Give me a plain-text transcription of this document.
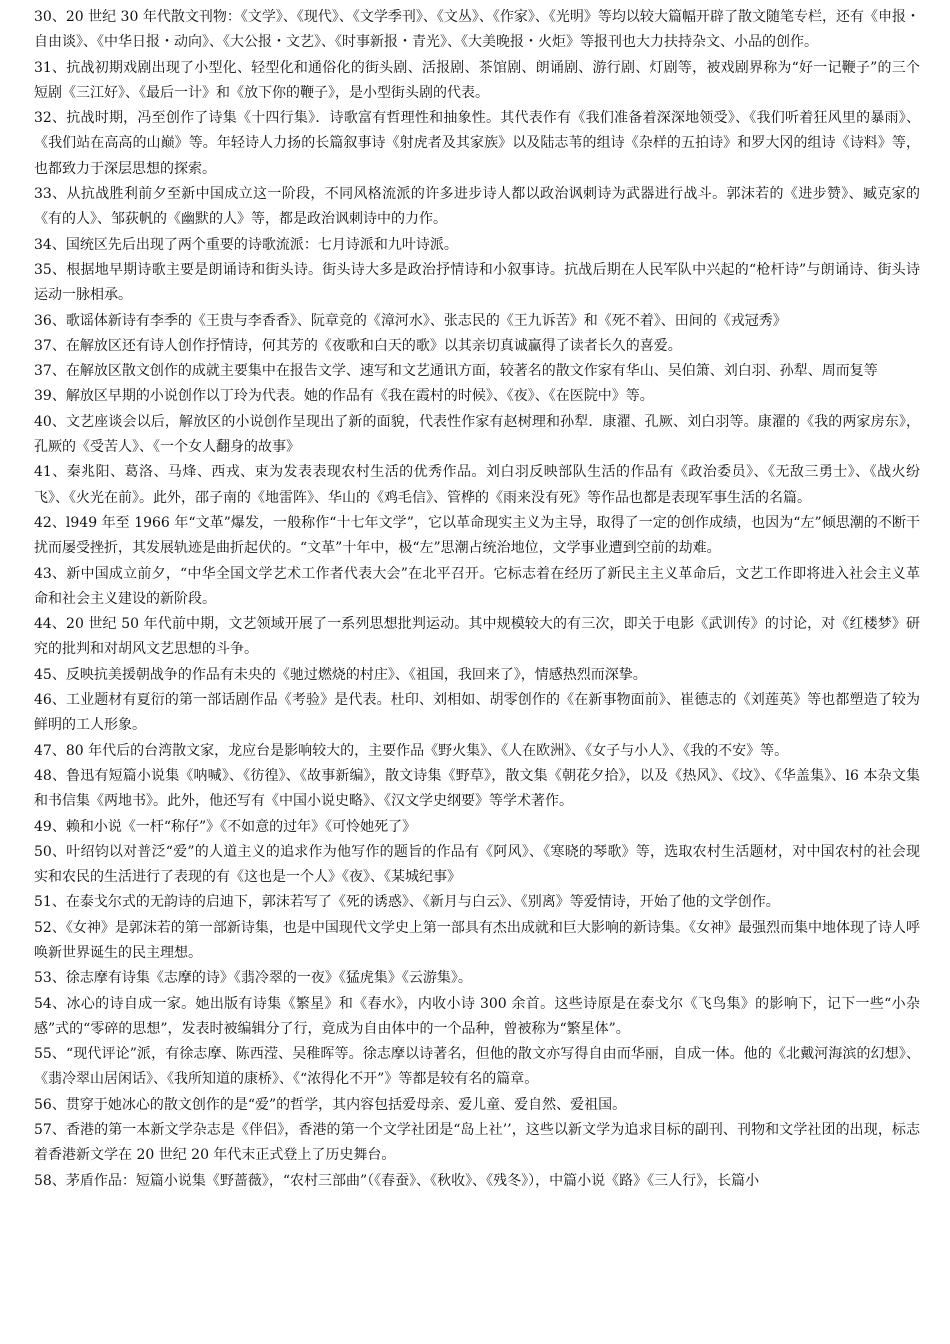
30、20 世纪 30 年代散文刊物：《文学》、《现代》、《文学季刊》、《文丛》、《作家》、《光明》等均以较大篇幅开辟了散文随笔专栏，还有《申报・自由谈》、《中华日报・动向》、《大公报・文艺》、《时事新报・青光》、《大美晚报・火炬》等报刊也大力扶持杂文、小品的创作。

31、抗战初期戏剧出现了小型化、轻型化和通俗化的街头剧、活报剧、茶馆剧、朗诵剧、游行剧、灯剧等，被戏剧界称为“好一记鞭子”的三个短剧《三江好》、《最后一计》和《放下你的鞭子》，是小型街头剧的代表。

32、抗战时期，冯至创作了诗集《十四行集》．诗歌富有哲理性和抽象性。其代表作有《我们准备着深深地领受》、《我们听着狂风里的暴雨》、《我们站在高高的山巅》等。年轻诗人力扬的长篇叙事诗《射虎者及其家族》以及陆志苇的组诗《杂样的五拍诗》和罗大冈的组诗《诗料》等，也都致力于深层思想的探索。

33、从抗战胜利前夕至新中国成立这一阶段，不同风格流派的许多进步诗人都以政治讽刺诗为武器进行战斗。郭沫若的《进步赞》、臧克家的《有的人》、邹荻帆的《幽默的人》等，都是政治讽刺诗中的力作。

34、国统区先后出现了两个重要的诗歌流派：七月诗派和九叶诗派。

35、根据地早期诗歌主要是朗诵诗和街头诗。街头诗大多是政治抒情诗和小叙事诗。抗战后期在人民军队中兴起的“枪杆诗”与朗诵诗、街头诗运动一脉相承。

36、歌谣体新诗有李季的《王贵与李香香》、阮章竞的《漳河水》、张志民的《王九诉苦》和《死不着》、田间的《戎冠秀》

37、在解放区还有诗人创作抒情诗，何其芳的《夜歌和白天的歌》以其亲切真诚赢得了读者长久的喜爱。

37、在解放区散文创作的成就主要集中在报告文学、速写和文艺通讯方面，较著名的散文作家有华山、吴伯箫、刘白羽、孙犁、周而复等

39、解放区早期的小说创作以丁玲为代表。她的作品有《我在霞村的时候》、《夜》、《在医院中》等。

40、文艺座谈会以后，解放区的小说创作呈现出了新的面貌，代表性作家有赵树理和孙犁．康濯、孔厥、刘白羽等。康濯的《我的两家房东》，孔厥的《受苦人》、《一个女人翻身的故事》

41、秦兆阳、葛洛、马烽、西戎、束为发表表现农村生活的优秀作品。刘白羽反映部队生活的作品有《政治委员》、《无敌三勇士》、《战火纷飞》、《火光在前》。此外，邵子南的《地雷阵》、华山的《鸡毛信》、管桦的《雨来没有死》等作品也都是表现军事生活的名篇。

42、l949 年至 1966 年“文革”爆发，一般称作“十七年文学”，它以革命现实主义为主导，取得了一定的创作成绩，也因为“左”倾思潮的不断干扰而屡受挫折，其发展轨迹是曲折起伏的。“文革”十年中，极“左”思潮占统治地位，文学事业遭到空前的劫难。

43、新中国成立前夕，“中华全国文学艺术工作者代表大会”在北平召开。它标志着在经历了新民主主义革命后，文艺工作即将进入社会主义革命和社会主义建设的新阶段。

44、20 世纪 50 年代前中期，文艺领域开展了一系列思想批判运动。其中规模较大的有三次，即关于电影《武训传》的讨论，对《红楼梦》研究的批判和对胡风文艺思想的斗争。

45、反映抗美援朝战争的作品有未央的《驰过燃烧的村庄》、《祖国，我回来了》，情感热烈而深挚。

46、工业题材有夏衍的第一部话剧作品《考验》是代表。杜印、刘相如、胡零创作的《在新事物面前》、崔德志的《刘莲英》等也都塑造了较为鲜明的工人形象。

47、80 年代后的台湾散文家，龙应台是影响较大的，主要作品《野火集》、《人在欧洲》、《女子与小人》、《我的不安》等。

48、鲁迅有短篇小说集《呐喊》、《彷徨》、《故事新编》，散文诗集《野草》，散文集《朝花夕拾》，以及《热风》、《坟》、《华盖集》、l6 本杂文集和书信集《两地书》。此外，他还写有《中国小说史略》、《汉文学史纲要》等学术著作。

49、赖和小说《一杆“称仔”》《不如意的过年》《可怜她死了》

50、叶绍钧以对普泛“爱”的人道主义的追求作为他写作的题旨的作品有《阿风》、《寒晓的琴歌》等，选取农村生活题材，对中国农村的社会现实和农民的生活进行了表现的有《这也是一个人》《夜》、《某城纪事》

51、在泰戈尔式的无韵诗的启迪下，郭沫若写了《死的诱惑》、《新月与白云》、《别离》等爱情诗，开始了他的文学创作。

52、《女神》是郭沫若的第一部新诗集，也是中国现代文学史上第一部具有杰出成就和巨大影响的新诗集。《女神》最强烈而集中地体现了诗人呼唤新世界诞生的民主理想。

53、徐志摩有诗集《志摩的诗》《翡冷翠的一夜》《猛虎集》《云游集》。

54、冰心的诗自成一家。她出版有诗集《繁星》和《春水》，内收小诗 300 余首。这些诗原是在泰戈尔《飞鸟集》的影响下，记下一些“小杂感”式的“零碎的思想”，发表时被编辑分了行，竟成为自由体中的一个品种，曾被称为“繁星体”。

55、“现代评论”派，有徐志摩、陈西滢、吴稚晖等。徐志摩以诗著名，但他的散文亦写得自由而华丽，自成一体。他的《北戴河海滨的幻想》、《翡冷翠山居闲话》、《我所知道的康桥》、《“浓得化不开”》等都是较有名的篇章。

56、贯穿于她冰心的散文创作的是“爱”的哲学，其内容包括爱母亲、爱儿童、爱自然、爱祖国。

57、香港的第一本新文学杂志是《伴侣》，香港的第一个文学社团是“岛上社’’，这些以新文学为追求目标的副刊、刊物和文学社团的出现，标志着香港新文学在 20 世纪 20 年代末正式登上了历史舞台。

58、茅盾作品：短篇小说集《野蔷薇》，“农村三部曲”（《春蚕》、《秋收》、《残冬》），中篇小说《路》《三人行》，长篇小
